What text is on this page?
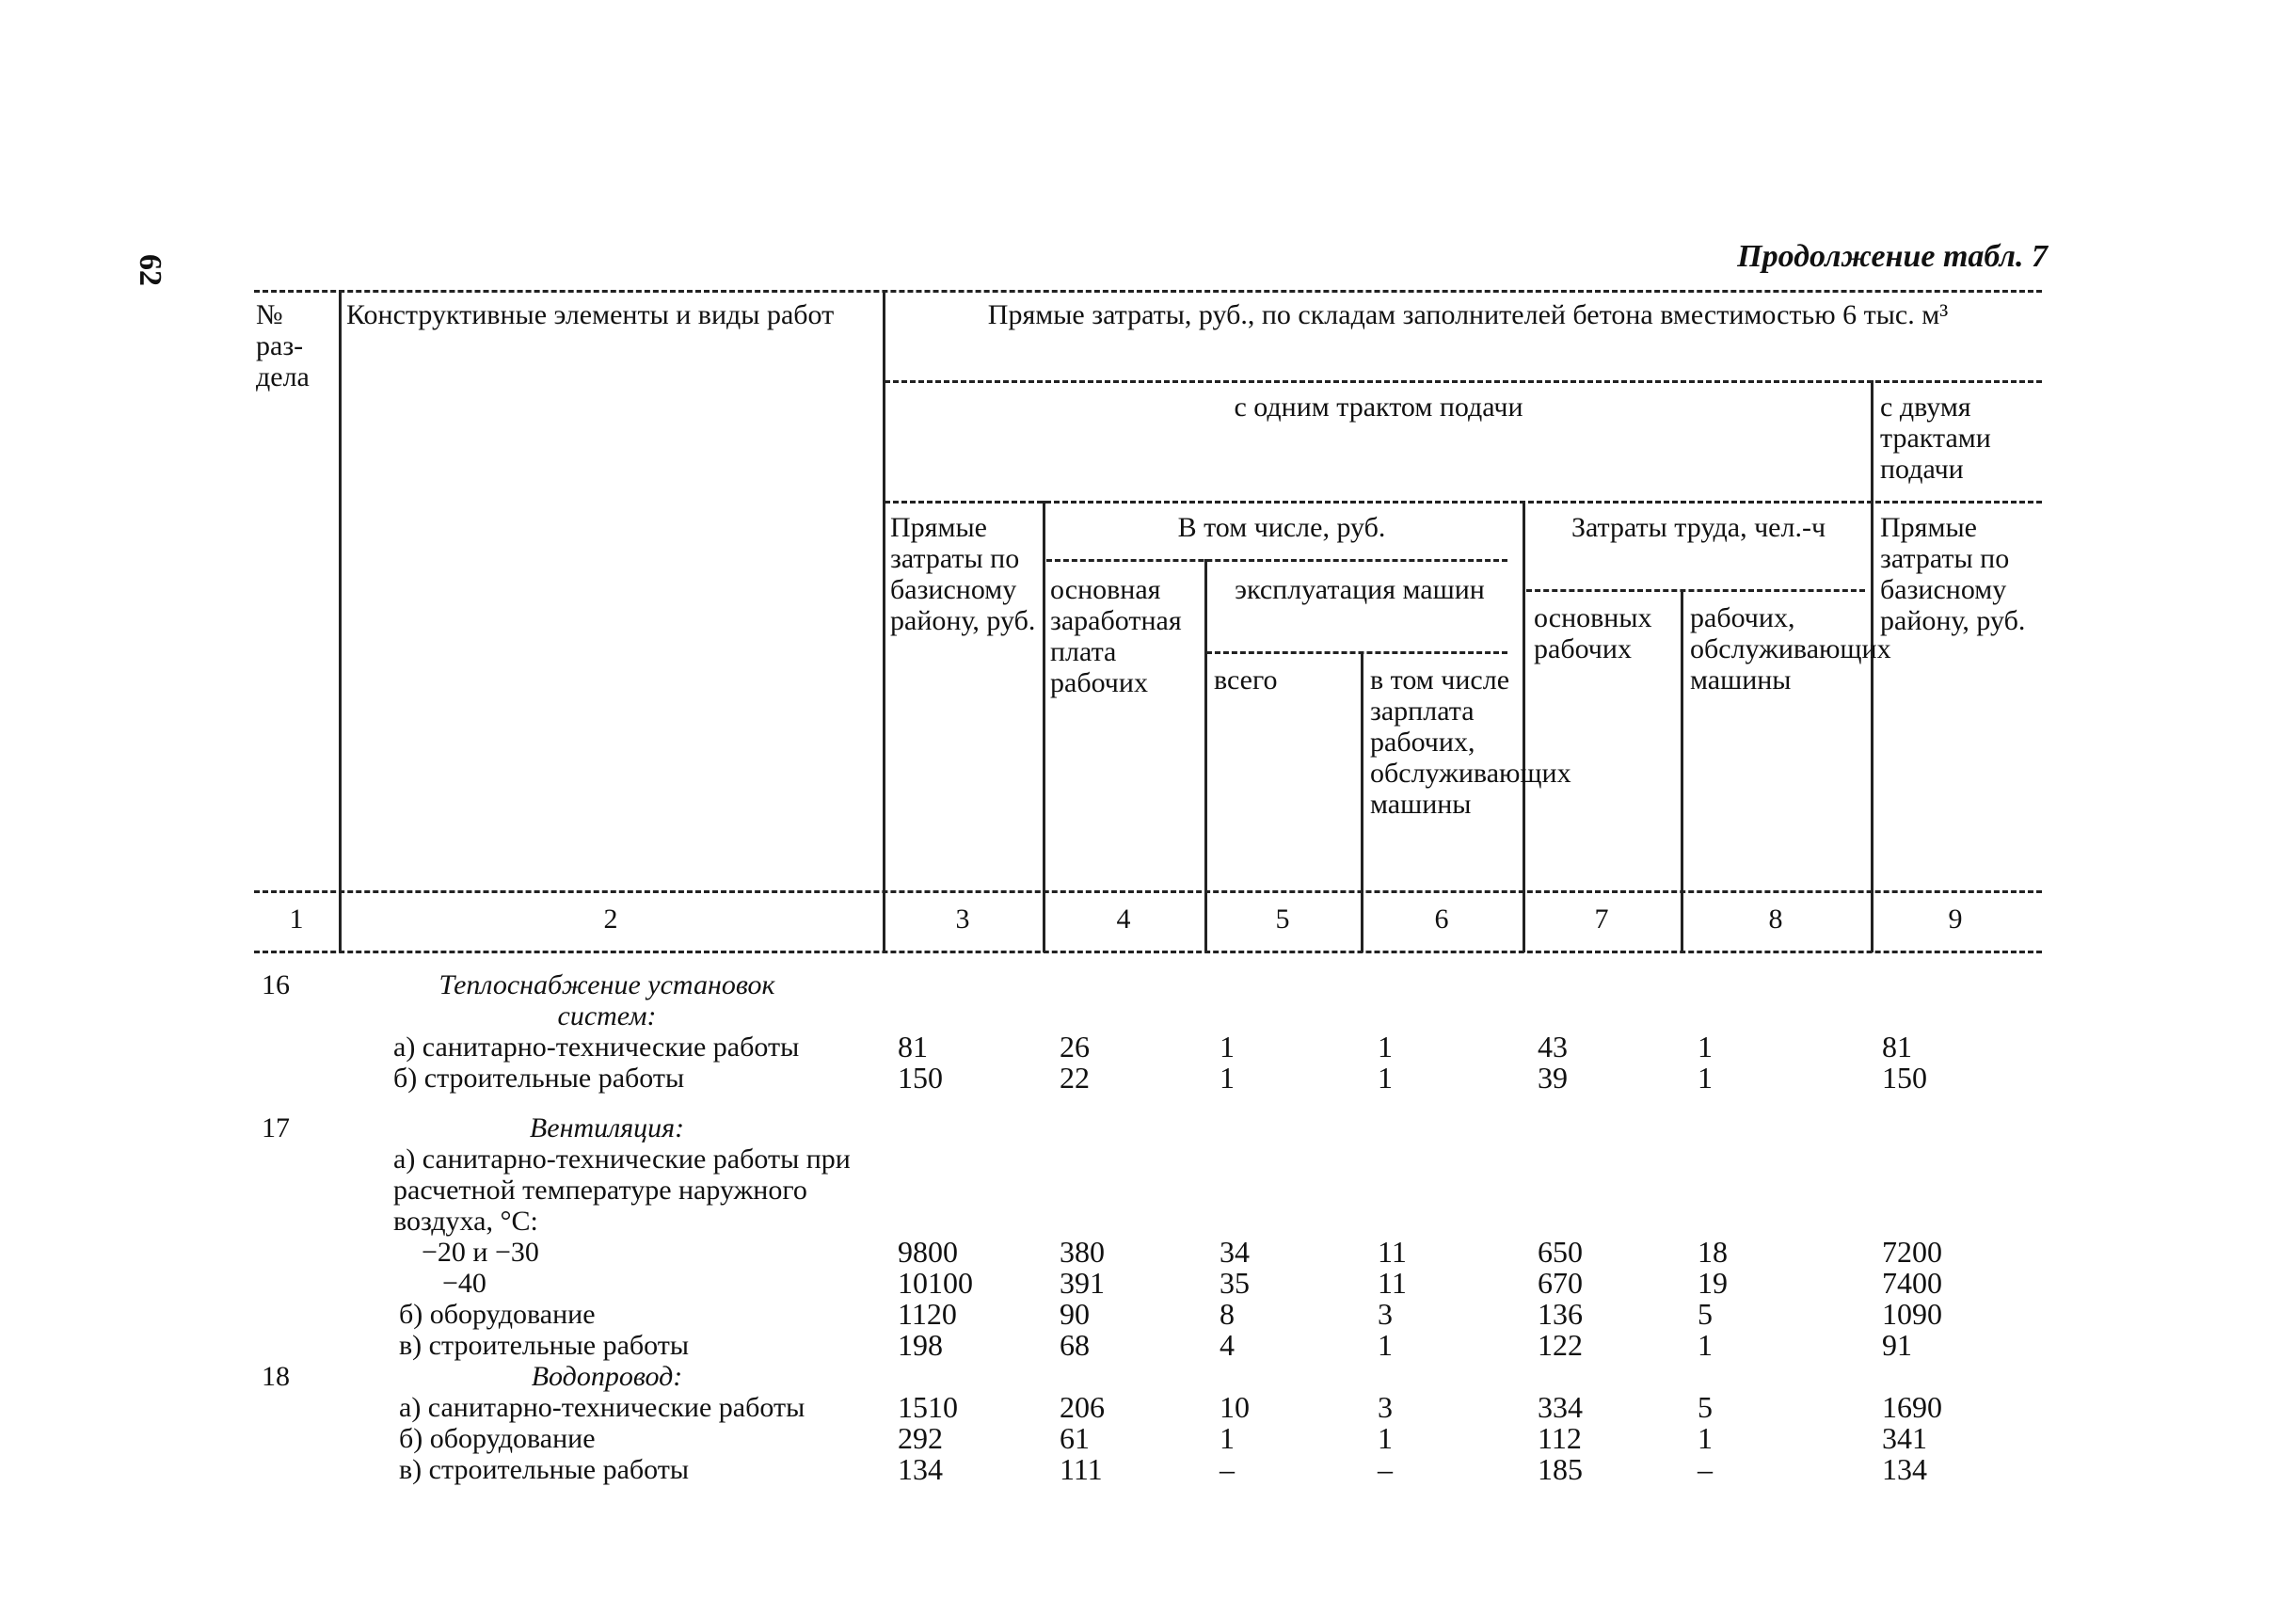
62	Продолжение табл. 7
№ раз-дела
Конструктивные элементы и виды работ	Прямые затраты, руб., по складам заполнителей бетона вместимостью 6 тыс. м³
с одним трактом подачи	с двумя трактами подачи
Прямые затраты по базисному району, руб.
В том числе, руб.
основная заработная плата рабочих
эксплуатация машин
всего	в том числе зарплата рабочих, обслуживающих машины
Затраты труда, чел.-ч
основных рабочих
рабочих, обслуживающих машины
Прямые затраты по базисному району, руб.
1	2	3	4	5	6	7	8	9
16	Теплоснабжение установок систем:
а) санитарно-технические работы	81	26	1	1	43	1	81
б) строительные работы	150	22	1	1	39	1	150
17	Вентиляция:
а) санитарно-технические работы при расчетной температуре наружного воздуха, °С:
−20 и −30	9800	380	34	11	650	18	7200
−40	10100	391	35	11	670	19	7400
б) оборудование	1120	90	8	3	136	5	1090
в) строительные работы	198	68	4	1	122	1	91
18	Водопровод:
а) санитарно-технические работы	1510	206	10	3	334	5	1690
б) оборудование	292	61	1	1	112	1	341
в) строительные работы	134	111	–	–	185	–	134
